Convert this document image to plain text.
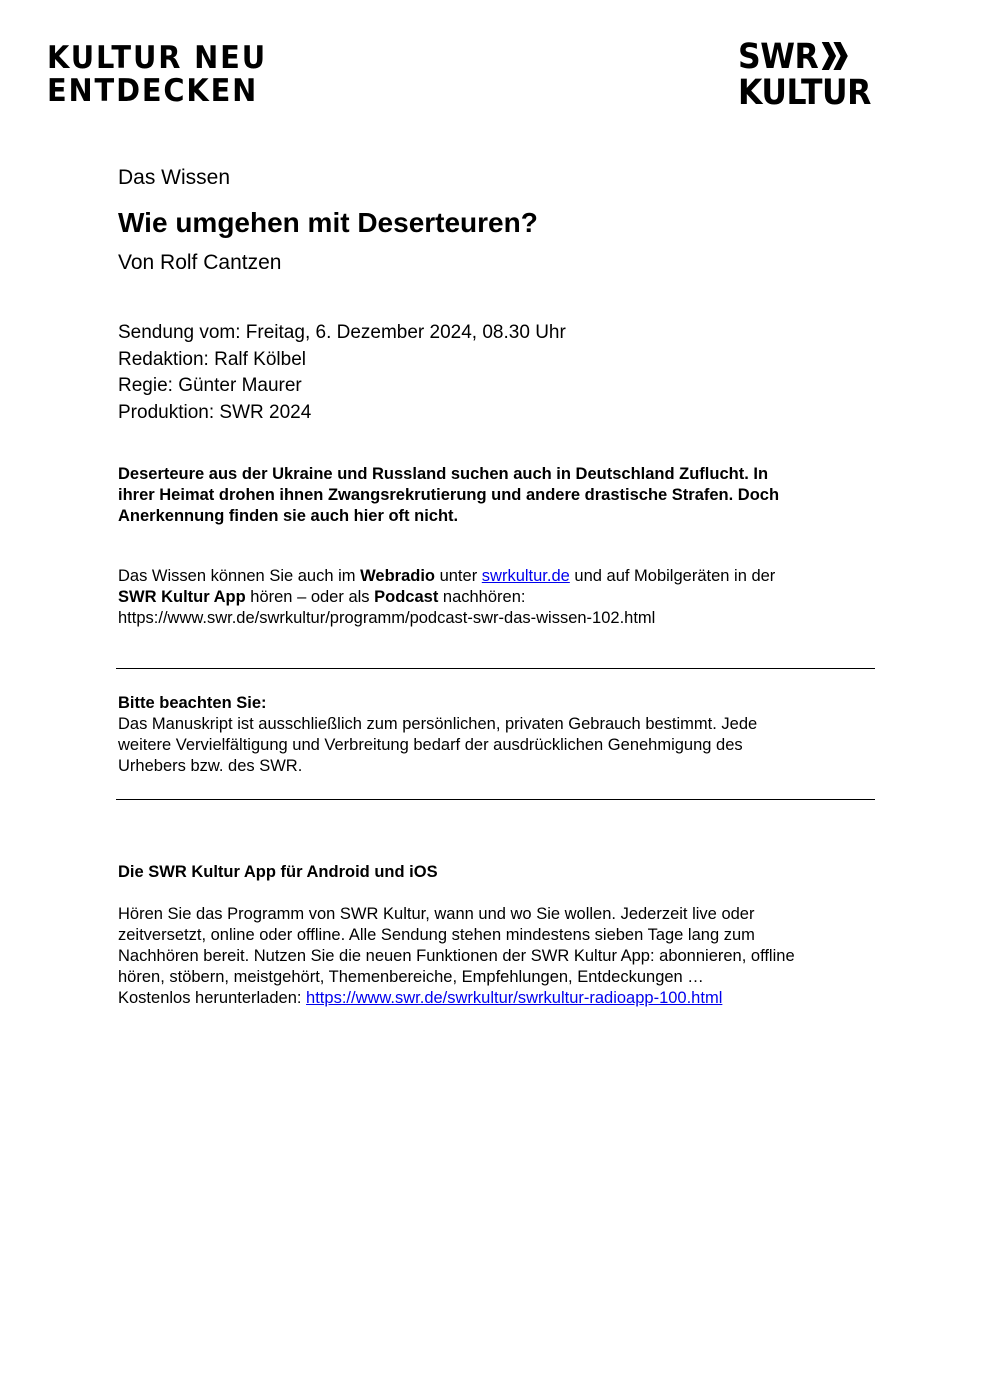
KULTUR NEU
ENTDECKEN
SWR
KULTUR
Das Wissen
Wie umgehen mit Deserteuren?
Von Rolf Cantzen
Sendung vom: Freitag, 6. Dezember 2024, 08.30 Uhr
Redaktion: Ralf Kölbel
Regie: Günter Maurer
Produktion: SWR 2024
Deserteure aus der Ukraine und Russland suchen auch in Deutschland Zuflucht. In
ihrer Heimat drohen ihnen Zwangsrekrutierung und andere drastische Strafen. Doch
Anerkennung finden sie auch hier oft nicht.
Das Wissen können Sie auch im Webradio unter swrkultur.de und auf Mobilgeräten in der
SWR Kultur App hören – oder als Podcast nachhören:
https://www.swr.de/swrkultur/programm/podcast-swr-das-wissen-102.html
Bitte beachten Sie:
Das Manuskript ist ausschließlich zum persönlichen, privaten Gebrauch bestimmt. Jede
weitere Vervielfältigung und Verbreitung bedarf der ausdrücklichen Genehmigung des
Urhebers bzw. des SWR.
Die SWR Kultur App für Android und iOS
Hören Sie das Programm von SWR Kultur, wann und wo Sie wollen. Jederzeit live oder
zeitversetzt, online oder offline. Alle Sendung stehen mindestens sieben Tage lang zum
Nachhören bereit. Nutzen Sie die neuen Funktionen der SWR Kultur App: abonnieren, offline
hören, stöbern, meistgehört, Themenbereiche, Empfehlungen, Entdeckungen …
Kostenlos herunterladen: https://www.swr.de/swrkultur/swrkultur-radioapp-100.html
